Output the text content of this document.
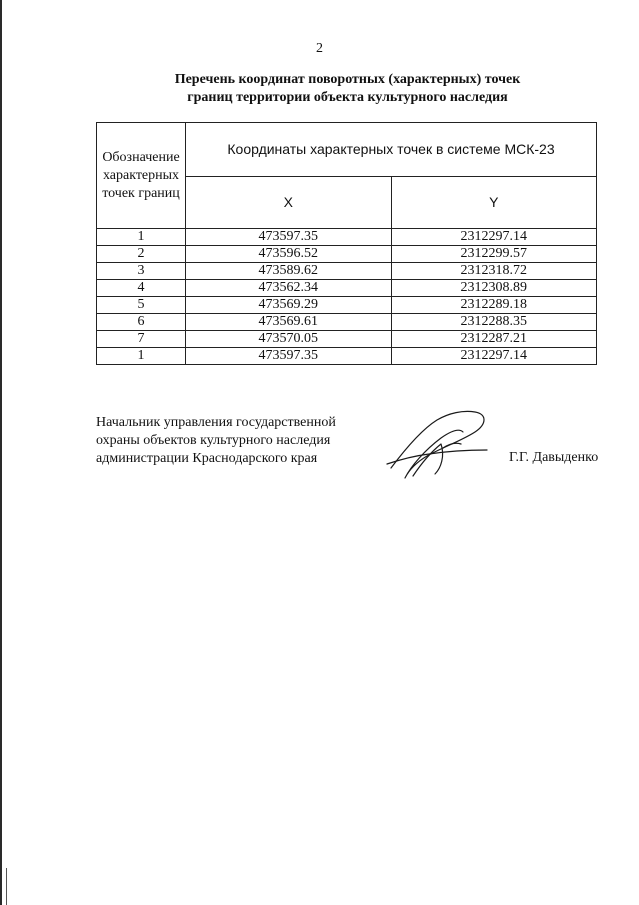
2
Перечень координат поворотных (характерных) точек
границ территории объекта культурного наследия
Обозначение характерных точек границ	Координаты характерных точек в системе МСК-23	
	X	Y
1	473597.35	2312297.14
2	473596.52	2312299.57
3	473589.62	2312318.72
4	473562.34	2312308.89
5	473569.29	2312289.18
6	473569.61	2312288.35
7	473570.05	2312287.21
1	473597.35	2312297.14
Начальник управления государственной
охраны объектов культурного наследия
администрации Краснодарского края	Г.Г. Давыденко
